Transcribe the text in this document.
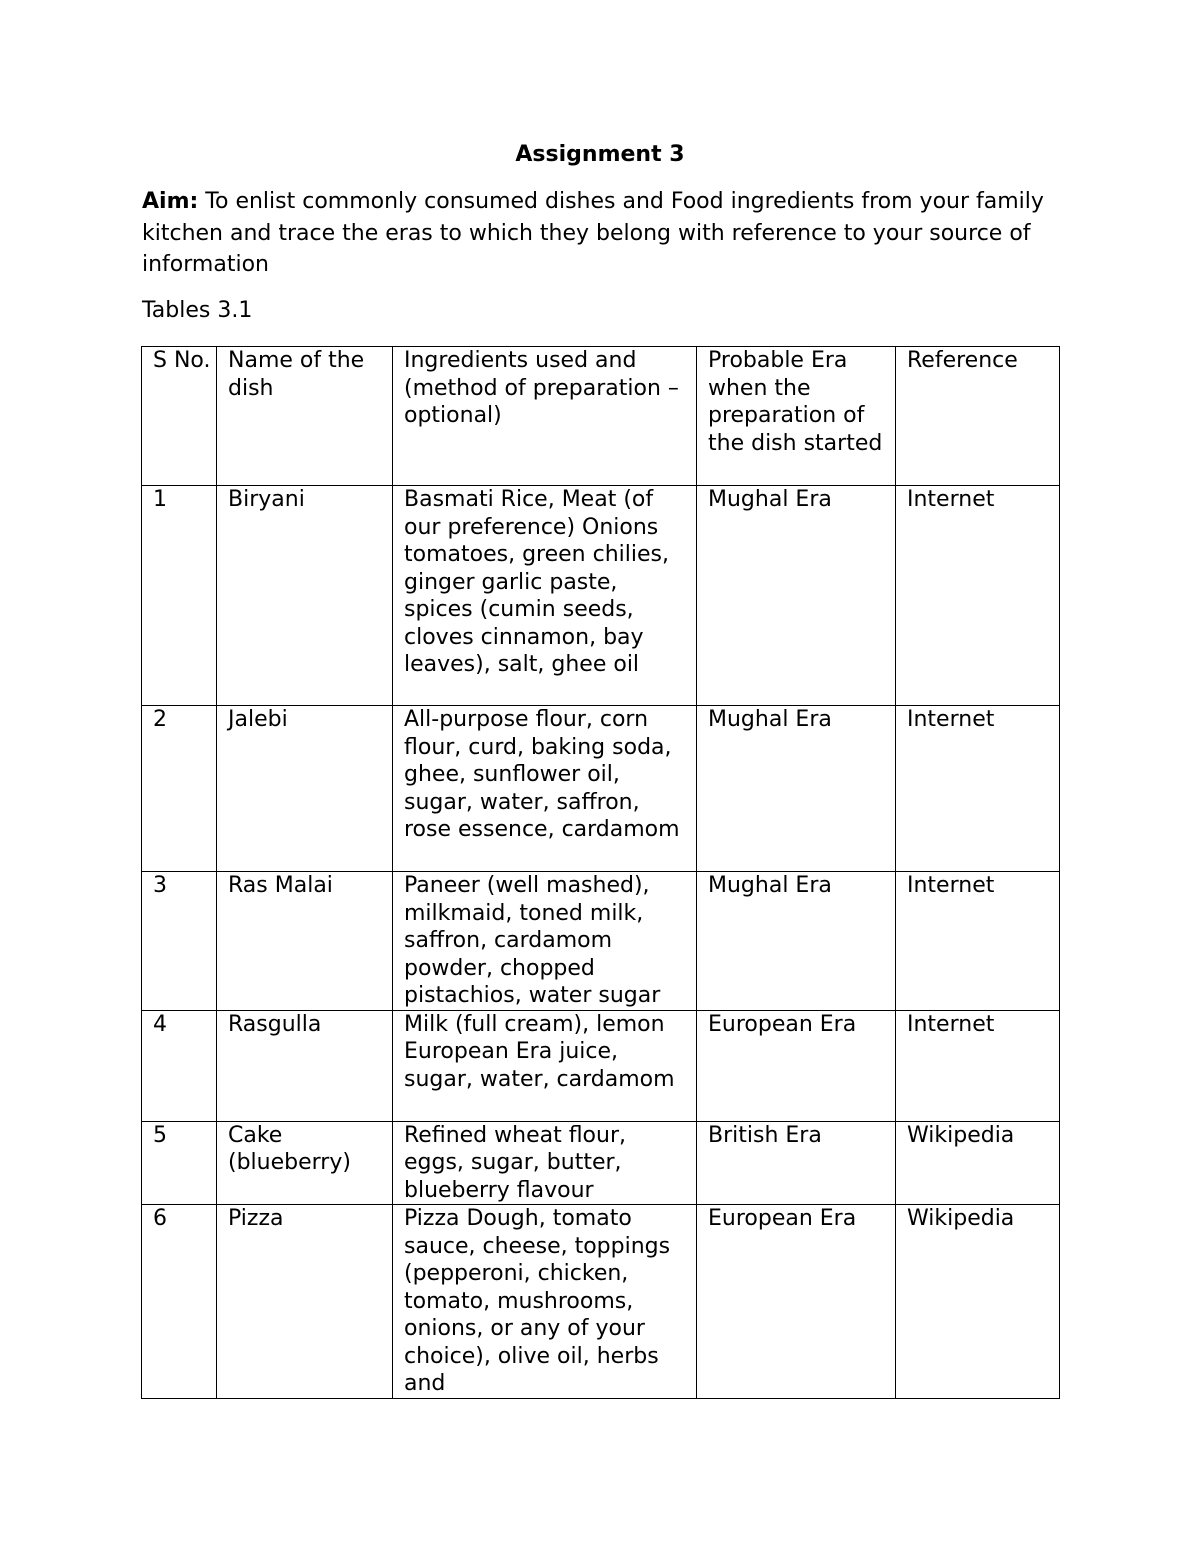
Assignment 3
Aim: To enlist commonly consumed dishes and Food ingredients from your family kitchen and trace the eras to which they belong with reference to your source of information
Tables 3.1
S No.	Name of the dish	Ingredients used and (method of preparation – optional)	Probable Era when the preparation of the dish started	Reference
1	Biryani	Basmati Rice, Meat (of our preference) Onions tomatoes, green chilies, ginger garlic paste, spices (cumin seeds, cloves cinnamon, bay leaves), salt, ghee oil	Mughal Era	Internet
2	Jalebi	All-purpose flour, corn flour, curd, baking soda, ghee, sunflower oil, sugar, water, saffron, rose essence, cardamom	Mughal Era	Internet
3	Ras Malai	Paneer (well mashed), milkmaid, toned milk, saffron, cardamom powder, chopped pistachios, water sugar	Mughal Era	Internet
4	Rasgulla	Milk (full cream), lemon European Era juice, sugar, water, cardamom	European Era	Internet
5	Cake (blueberry)	Refined wheat flour, eggs, sugar, butter, blueberry flavour	British Era	Wikipedia
6	Pizza	Pizza Dough, tomato sauce, cheese, toppings (pepperoni, chicken, tomato, mushrooms, onions, or any of your choice), olive oil, herbs and	European Era	Wikipedia
